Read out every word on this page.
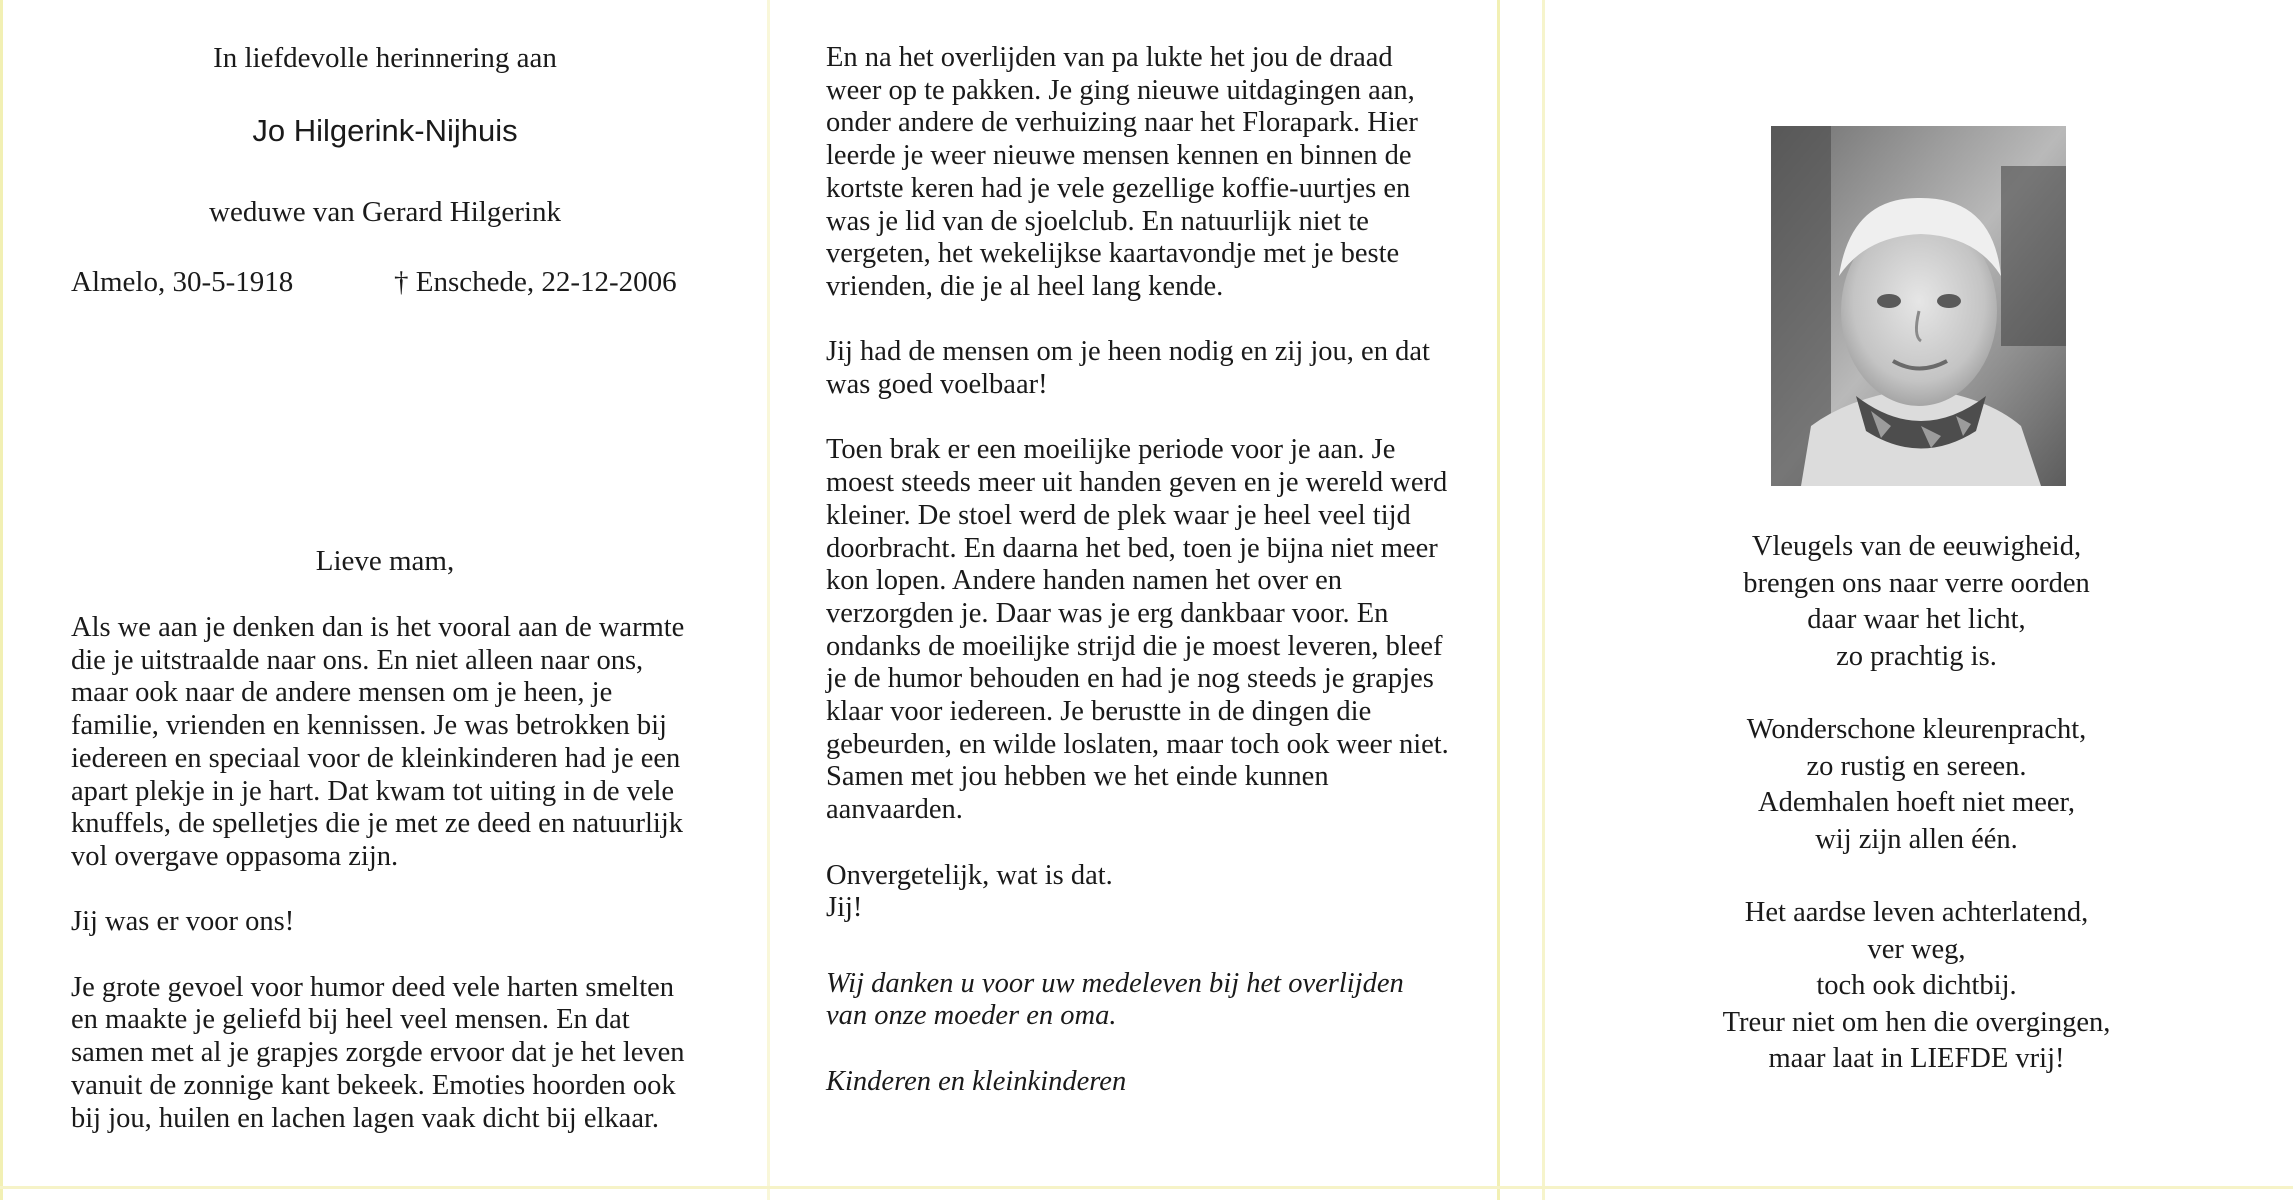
In liefdevolle herinnering aan
Jo Hilgerink-Nijhuis
weduwe van Gerard Hilgerink
Almelo, 30-5-1918	† Enschede, 22-12-2006
Lieve mam,
Als we aan je denken dan is het vooral aan de warmte
die je uitstraalde naar ons. En niet alleen naar ons,
maar ook naar de andere mensen om je heen, je
familie, vrienden en kennissen. Je was betrokken bij
iedereen en speciaal voor de kleinkinderen had je een
apart plekje in je hart. Dat kwam tot uiting in de vele
knuffels, de spelletjes die je met ze deed en natuurlijk
vol overgave oppasoma zijn.

Jij was er voor ons!

Je grote gevoel voor humor deed vele harten smelten
en maakte je geliefd bij heel veel mensen. En dat
samen met al je grapjes zorgde ervoor dat je het leven
vanuit de zonnige kant bekeek. Emoties hoorden ook
bij jou, huilen en lachen lagen vaak dicht bij elkaar.
En na het overlijden van pa lukte het jou de draad
weer op te pakken. Je ging nieuwe uitdagingen aan,
onder andere de verhuizing naar het Florapark. Hier
leerde je weer nieuwe mensen kennen en binnen de
kortste keren had je vele gezellige koffie-uurtjes en
was je lid van de sjoelclub. En natuurlijk niet te
vergeten, het wekelijkse kaartavondje met je beste
vrienden, die je al heel lang kende.

Jij had de mensen om je heen nodig en zij jou, en dat
was goed voelbaar!

Toen brak er een moeilijke periode voor je aan. Je
moest steeds meer uit handen geven en je wereld werd
kleiner. De stoel werd de plek waar je heel veel tijd
doorbracht. En daarna het bed, toen je bijna niet meer
kon lopen. Andere handen namen het over en
verzorgden je. Daar was je erg dankbaar voor. En
ondanks de moeilijke strijd die je moest leveren, bleef
je de humor behouden en had je nog steeds je grapjes
klaar voor iedereen. Je berustte in de dingen die
gebeurden, en wilde loslaten, maar toch ook weer niet.
Samen met jou hebben we het einde kunnen
aanvaarden.

Onvergetelijk, wat is dat.
Jij!

Wij danken u voor uw medeleven bij het overlijden
van onze moeder en oma.

Kinderen en kleinkinderen
Vleugels van de eeuwigheid,
brengen ons naar verre oorden
daar waar het licht,
zo prachtig is.
Wonderschone kleurenpracht,
zo rustig en sereen.
Ademhalen hoeft niet meer,
wij zijn allen één.
Het aardse leven achterlatend,
ver weg,
toch ook dichtbij.
Treur niet om hen die overgingen,
maar laat in LIEFDE vrij!
